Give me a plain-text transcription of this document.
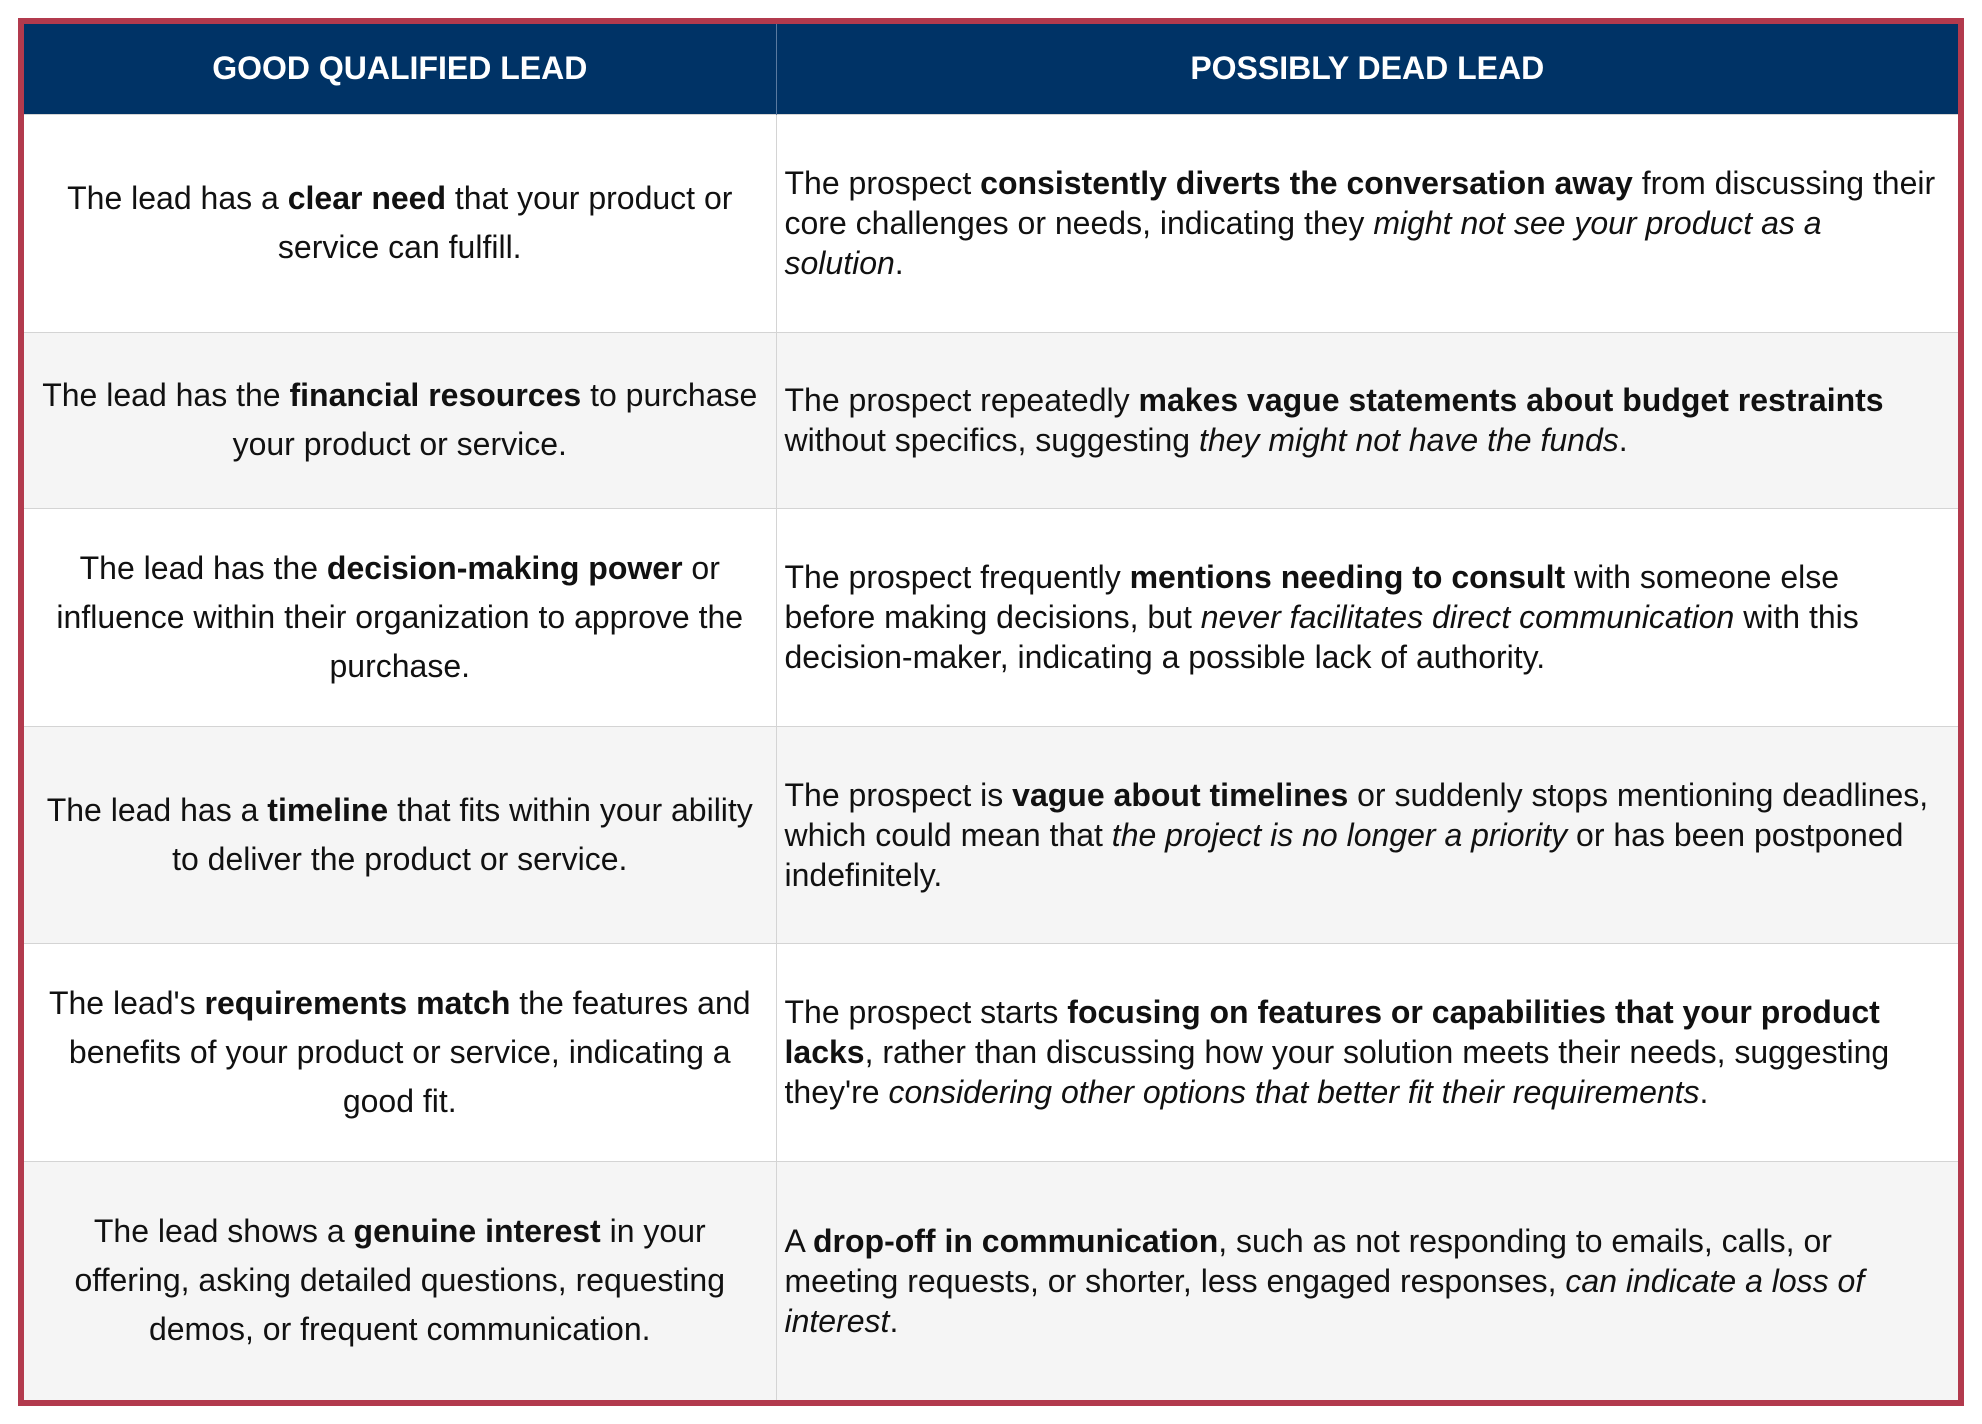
GOOD QUALIFIED LEAD	POSSIBLY DEAD LEAD
The lead has a clear need that your product or service can fulfill.	The prospect consistently diverts the conversation away from discussing their core challenges or needs, indicating they might not see your product as a solution.
The lead has the financial resources to purchase your product or service.	The prospect repeatedly makes vague statements about budget restraints without specifics, suggesting they might not have the funds.
The lead has the decision-making power or influence within their organization to approve the purchase.	The prospect frequently mentions needing to consult with someone else before making decisions, but never facilitates direct communication with this decision-maker, indicating a possible lack of authority.
The lead has a timeline that fits within your ability to deliver the product or service.	The prospect is vague about timelines or suddenly stops mentioning deadlines, which could mean that the project is no longer a priority or has been postponed indefinitely.
The lead's requirements match the features and benefits of your product or service, indicating a good fit.	The prospect starts focusing on features or capabilities that your product lacks, rather than discussing how your solution meets their needs, suggesting they're considering other options that better fit their requirements.
The lead shows a genuine interest in your offering, asking detailed questions, requesting demos, or frequent communication.	A drop-off in communication, such as not responding to emails, calls, or meeting requests, or shorter, less engaged responses, can indicate a loss of interest.
